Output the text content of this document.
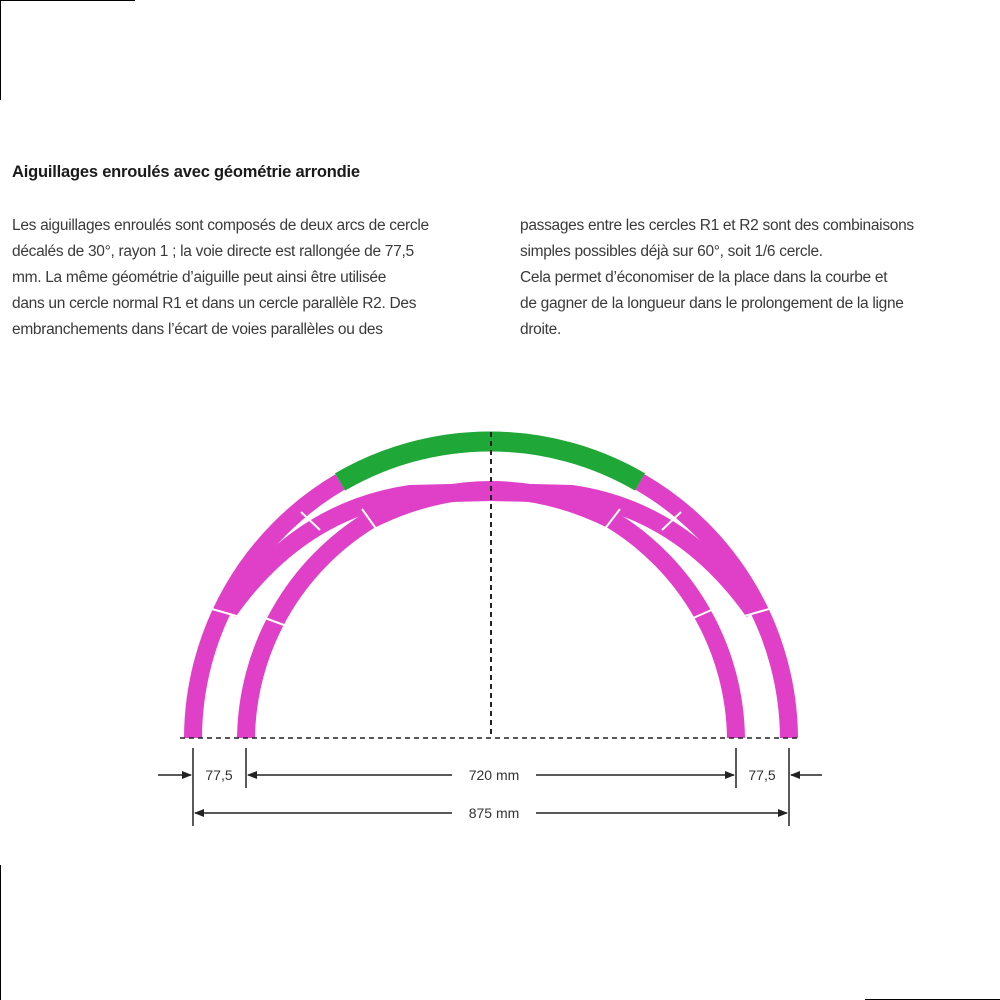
Aiguillages enroulés avec géométrie arrondie
Les aiguillages enroulés sont composés de deux arcs de cercle
décalés de 30°, rayon 1 ; la voie directe est rallongée de 77,5
mm. La même géométrie d’aiguille peut ainsi être utilisée
dans un cercle normal R1 et dans un cercle parallèle R2. Des
embranchements dans l’écart de voies parallèles ou des
passages entre les cercles R1 et R2 sont des combinaisons
simples possibles déjà sur 60°, soit 1/6 cercle.
Cela permet d’économiser de la place dans la courbe et
de gagner de la longueur dans le prolongement de la ligne
droite.
77,5	720 mm	77,5
875 mm
